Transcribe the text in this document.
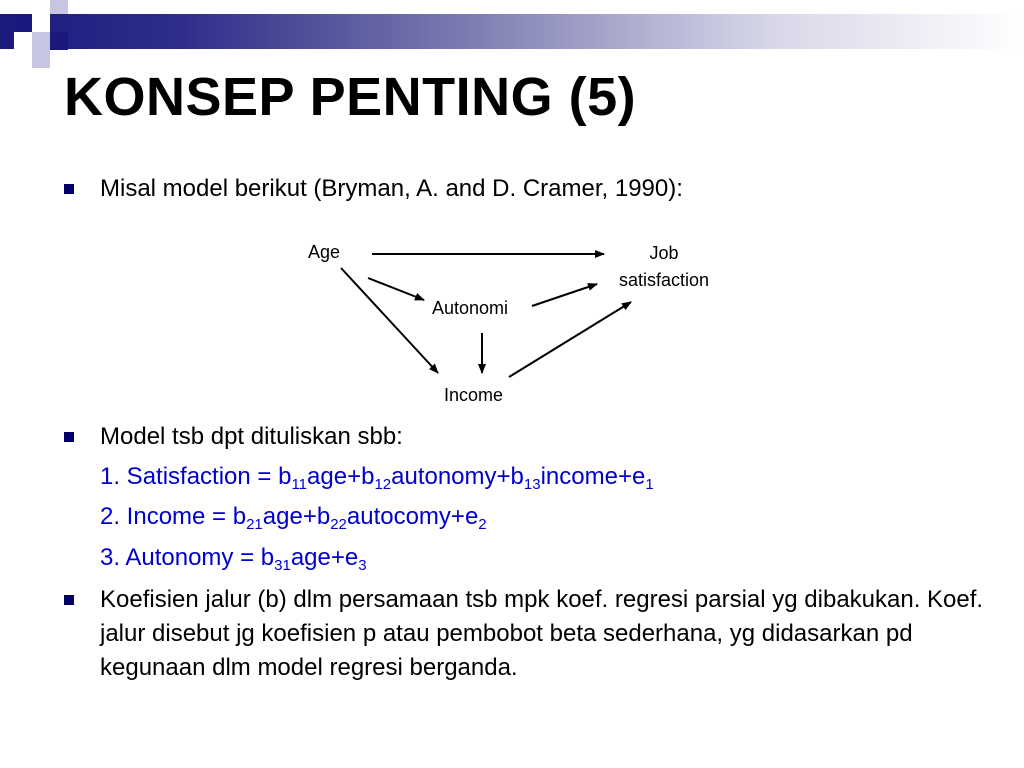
KONSEP PENTING (5)
Misal model berikut (Bryman, A. and D. Cramer, 1990):
Age	Job
satisfaction
Autonomi
Income
Model tsb dpt dituliskan sbb:
1. Satisfaction = $b_{11}age+b_{12}autonomy+b_{13}income+e_1$
2. Income = $b_{21}age+b_{22}autocomy+e_2$
3. Autonomy = $b_{31}age+e_3$
Koefisien jalur (b) dlm persamaan tsb mpk koef. regresi parsial yg dibakukan. Koef. jalur disebut jg koefisien p atau pembobot beta sederhana, yg didasarkan pd kegunaan dlm model regresi berganda.
